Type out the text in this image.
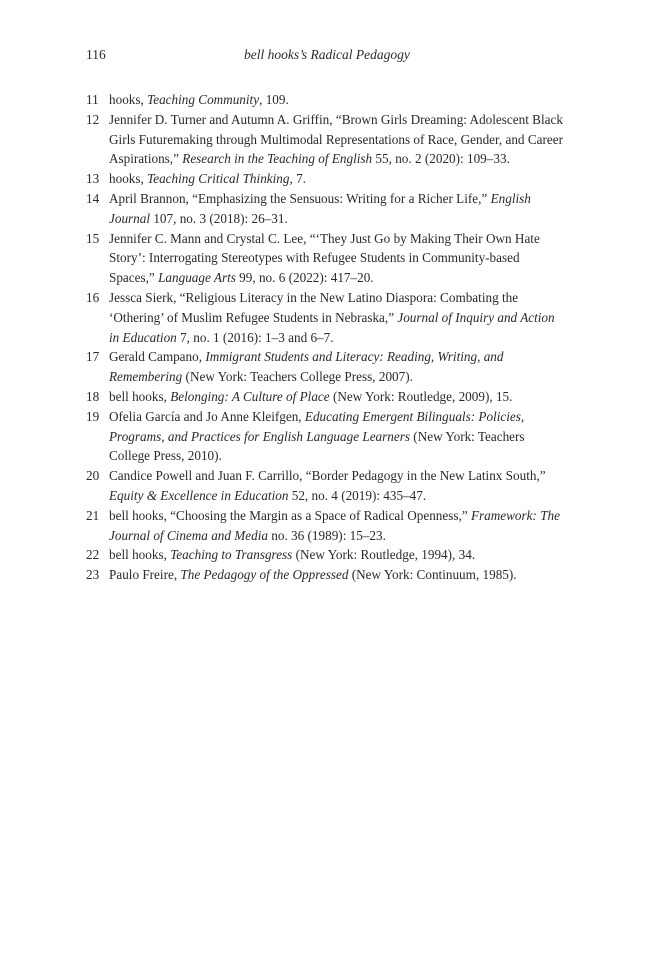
116	bell hooks’s Radical Pedagogy
11 hooks, Teaching Community, 109.
12 Jennifer D. Turner and Autumn A. Griffin, “Brown Girls Dreaming: Adolescent Black Girls Futuremaking through Multimodal Representations of Race, Gender, and Career Aspirations,” Research in the Teaching of English 55, no. 2 (2020): 109–33.
13 hooks, Teaching Critical Thinking, 7.
14 April Brannon, “Emphasizing the Sensuous: Writing for a Richer Life,” English Journal 107, no. 3 (2018): 26–31.
15 Jennifer C. Mann and Crystal C. Lee, “‘They Just Go by Making Their Own Hate Story’: Interrogating Stereotypes with Refugee Students in Community-based Spaces,” Language Arts 99, no. 6 (2022): 417–20.
16 Jessca Sierk, “Religious Literacy in the New Latino Diaspora: Combating the ‘Othering’ of Muslim Refugee Students in Nebraska,” Journal of Inquiry and Action in Education 7, no. 1 (2016): 1–3 and 6–7.
17 Gerald Campano, Immigrant Students and Literacy: Reading, Writing, and Remembering (New York: Teachers College Press, 2007).
18 bell hooks, Belonging: A Culture of Place (New York: Routledge, 2009), 15.
19 Ofelia García and Jo Anne Kleifgen, Educating Emergent Bilinguals: Policies, Programs, and Practices for English Language Learners (New York: Teachers College Press, 2010).
20 Candice Powell and Juan F. Carrillo, “Border Pedagogy in the New Latinx South,” Equity & Excellence in Education 52, no. 4 (2019): 435–47.
21 bell hooks, “Choosing the Margin as a Space of Radical Openness,” Framework: The Journal of Cinema and Media no. 36 (1989): 15–23.
22 bell hooks, Teaching to Transgress (New York: Routledge, 1994), 34.
23 Paulo Freire, The Pedagogy of the Oppressed (New York: Continuum, 1985).
